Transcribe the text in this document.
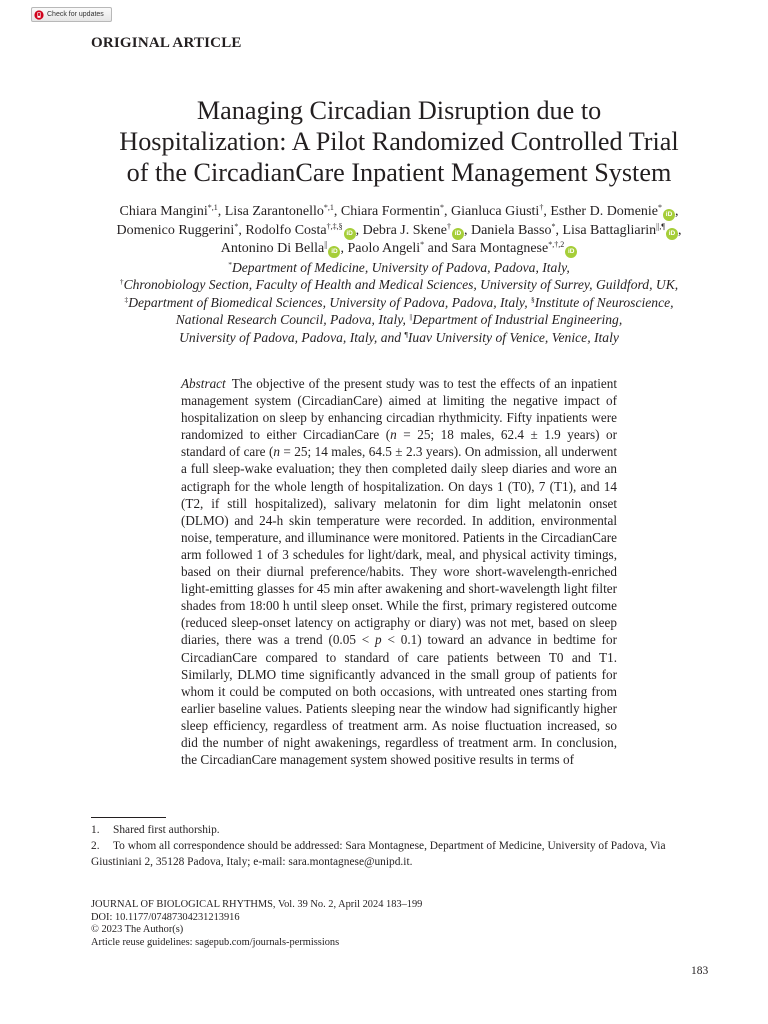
Check for updates
ORIGINAL ARTICLE
Managing Circadian Disruption due to
Hospitalization: A Pilot Randomized Controlled Trial
of the CircadianCare Inpatient Management System
Chiara Mangini$^{*,1}$, Lisa Zarantonello$^{*,1}$, Chiara Formentin*, Gianluca Giusti†, Esther D. Domenie*iD , Domenico Ruggerini*, Rodolfo Costa†,‡,§iD , Debra J. Skene†iD , Daniela Basso*, Lisa Battagliarin||,¶iD , Antonino Di Bella||iD , Paolo Angeli* and Sara Montagnese$^{*,\dagger,2}$iD
*Department of Medicine, University of Padova, Padova, Italy,
†Chronobiology Section, Faculty of Health and Medical Sciences, University of Surrey, Guildford, UK,
‡Department of Biomedical Sciences, University of Padova, Padova, Italy, §Institute of Neuroscience,
National Research Council, Padova, Italy, ||Department of Industrial Engineering,
University of Padova, Padova, Italy, and ¶Iuav University of Venice, Venice, Italy
Abstract The objective of the present study was to test the effects of an inpatient management system (CircadianCare) aimed at limiting the negative impact of hospitalization on sleep by enhancing circadian rhythmicity. Fifty inpatients were randomized to either CircadianCare (n = 25; 18 males, 62.4 ± 1.9 years) or standard of care (n = 25; 14 males, 64.5 ± 2.3 years). On admission, all underwent a full sleep-wake evaluation; they then completed daily sleep diaries and wore an actigraph for the whole length of hospitalization. On days 1 (T0), 7 (T1), and 14 (T2, if still hospitalized), salivary melatonin for dim light melatonin onset (DLMO) and 24-h skin temperature were recorded. In addition, environmental noise, temperature, and illuminance were monitored. Patients in the CircadianCare arm followed 1 of 3 schedules for light/dark, meal, and physical activity timings, based on their diurnal preference/habits. They wore short-wavelength-enriched light-emitting glasses for 45 min after awakening and short-wavelength light filter shades from 18:00 h until sleep onset. While the first, primary registered outcome (reduced sleep-onset latency on actigraphy or diary) was not met, based on sleep diaries, there was a trend (0.05 < p < 0.1) toward an advance in bedtime for CircadianCare compared to standard of care patients between T0 and T1. Similarly, DLMO time significantly advanced in the small group of patients for whom it could be computed on both occasions, with untreated ones starting from earlier baseline values. Patients sleeping near the window had significantly higher sleep efficiency, regardless of treatment arm. As noise fluctuation increased, so did the number of night awakenings, regardless of treatment arm. In conclusion, the CircadianCare management system showed positive results in terms of
1. Shared first authorship.
2. To whom all correspondence should be addressed: Sara Montagnese, Department of Medicine, University of Padova, Via Giustiniani 2, 35128 Padova, Italy; e-mail: sara.montagnese@unipd.it.
JOURNAL OF BIOLOGICAL RHYTHMS, Vol. 39 No. 2, April 2024 183–199
DOI: 10.1177/07487304231213916
© 2023 The Author(s)
Article reuse guidelines: sagepub.com/journals-permissions
183
